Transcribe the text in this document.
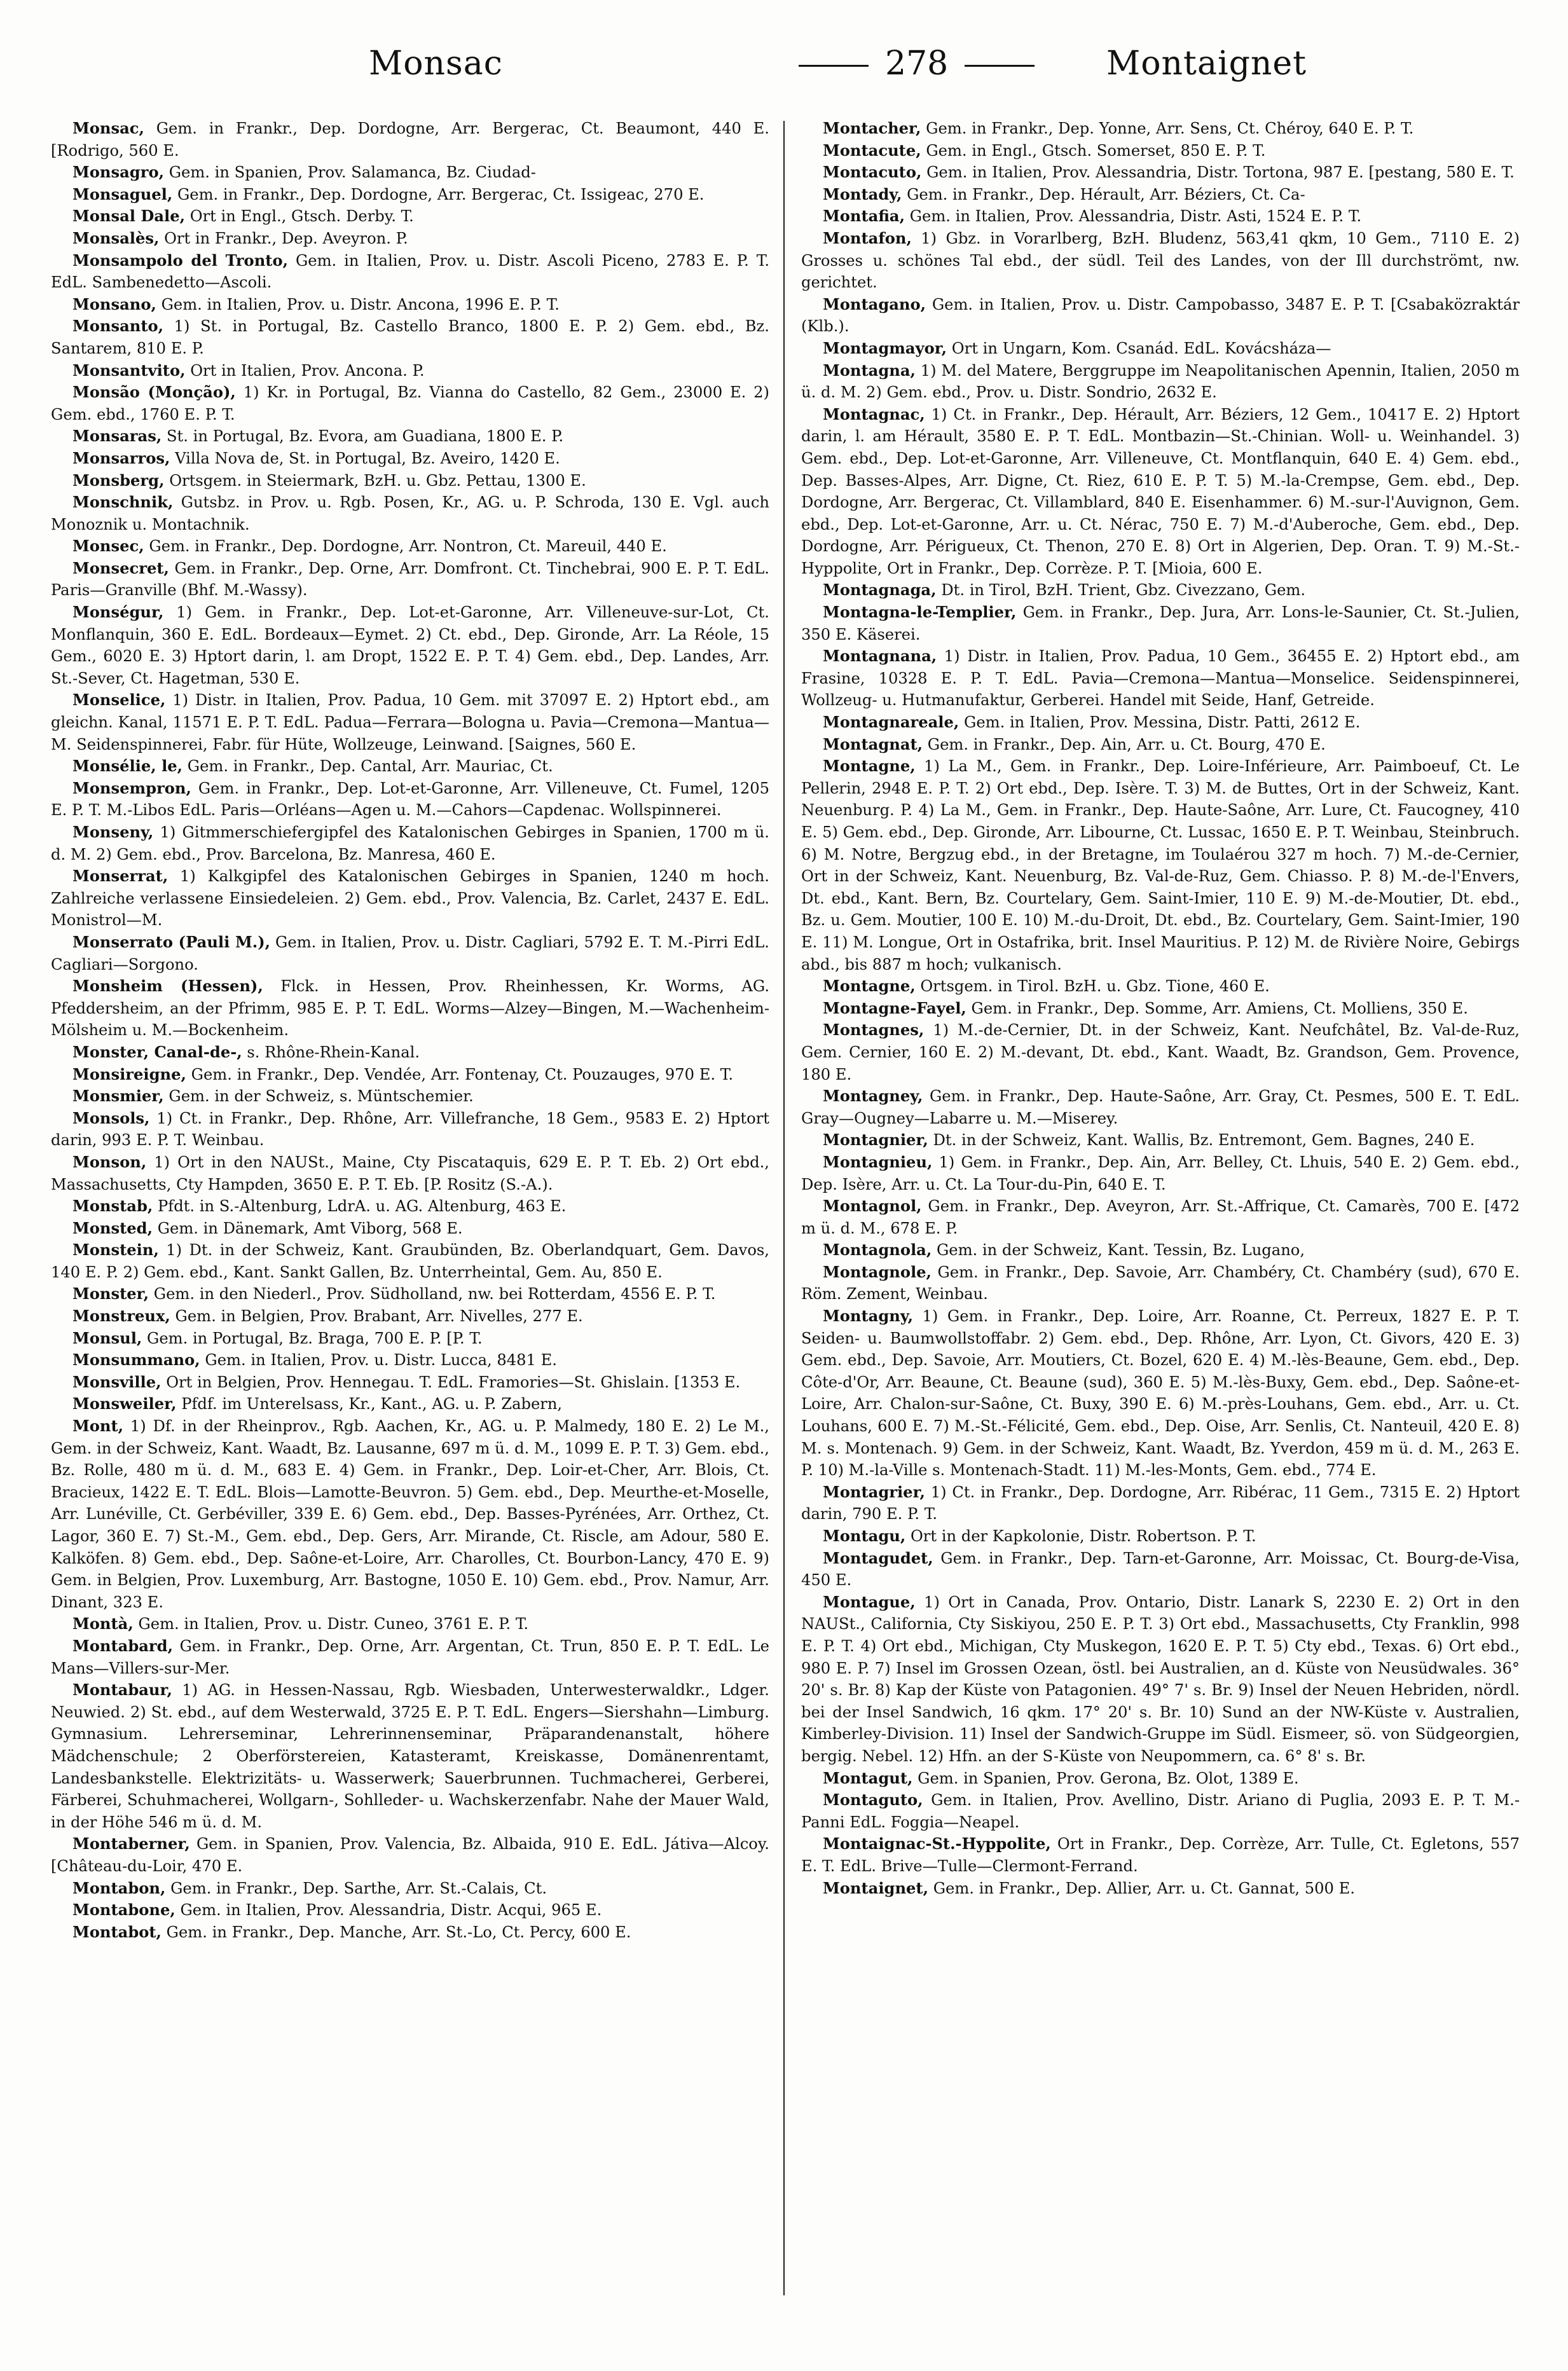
Monsac	278	Montaignet

Monsac, Gem. in Frankr., Dep. Dordogne, Arr. Bergerac, Ct. Beaumont, 440 E. [Rodrigo, 560 E.

Monsagro, Gem. in Spanien, Prov. Salamanca, Bz. Ciudad-

Monsaguel, Gem. in Frankr., Dep. Dordogne, Arr. Bergerac, Ct. Issigeac, 270 E.

Monsal Dale, Ort in Engl., Gtsch. Derby. T.

Monsalès, Ort in Frankr., Dep. Aveyron. P.

Monsampolo del Tronto, Gem. in Italien, Prov. u. Distr. Ascoli Piceno, 2783 E. P. T. EdL. Sambenedetto—Ascoli.

Monsano, Gem. in Italien, Prov. u. Distr. Ancona, 1996 E. P. T.

Monsanto, 1) St. in Portugal, Bz. Castello Branco, 1800 E. P. 2) Gem. ebd., Bz. Santarem, 810 E. P.

Monsantvito, Ort in Italien, Prov. Ancona. P.

Monsão (Monção), 1) Kr. in Portugal, Bz. Vianna do Castello, 82 Gem., 23000 E. 2) Gem. ebd., 1760 E. P. T.

Monsaras, St. in Portugal, Bz. Evora, am Guadiana, 1800 E. P.

Monsarros, Villa Nova de, St. in Portugal, Bz. Aveiro, 1420 E.

Monsberg, Ortsgem. in Steiermark, BzH. u. Gbz. Pettau, 1300 E.

Monschnik, Gutsbz. in Prov. u. Rgb. Posen, Kr., AG. u. P. Schroda, 130 E. Vgl. auch Monoznik u. Montachnik.

Monsec, Gem. in Frankr., Dep. Dordogne, Arr. Nontron, Ct. Mareuil, 440 E.

Monsecret, Gem. in Frankr., Dep. Orne, Arr. Domfront. Ct. Tinchebrai, 900 E. P. T. EdL. Paris—Granville (Bhf. M.-Wassy).

Monségur, 1) Gem. in Frankr., Dep. Lot-et-Garonne, Arr. Villeneuve-sur-Lot, Ct. Monflanquin, 360 E. EdL. Bordeaux—Eymet. 2) Ct. ebd., Dep. Gironde, Arr. La Réole, 15 Gem., 6020 E. 3) Hptort darin, l. am Dropt, 1522 E. P. T. 4) Gem. ebd., Dep. Landes, Arr. St.-Sever, Ct. Hagetman, 530 E.

Monselice, 1) Distr. in Italien, Prov. Padua, 10 Gem. mit 37097 E. 2) Hptort ebd., am gleichn. Kanal, 11571 E. P. T. EdL. Padua—Ferrara—Bologna u. Pavia—Cremona—Mantua—M. Seidenspinnerei, Fabr. für Hüte, Wollzeuge, Leinwand. [Saignes, 560 E.

Monsélie, le, Gem. in Frankr., Dep. Cantal, Arr. Mauriac, Ct.

Monsempron, Gem. in Frankr., Dep. Lot-et-Garonne, Arr. Villeneuve, Ct. Fumel, 1205 E. P. T. M.-Libos EdL. Paris—Orléans—Agen u. M.—Cahors—Capdenac. Wollspinnerei.

Monseny, 1) Gitmmerschiefergipfel des Katalonischen Gebirges in Spanien, 1700 m ü. d. M. 2) Gem. ebd., Prov. Barcelona, Bz. Manresa, 460 E.

Monserrat, 1) Kalkgipfel des Katalonischen Gebirges in Spanien, 1240 m hoch. Zahlreiche verlassene Einsiedeleien. 2) Gem. ebd., Prov. Valencia, Bz. Carlet, 2437 E. EdL. Monistrol—M.

Monserrato (Pauli M.), Gem. in Italien, Prov. u. Distr. Cagliari, 5792 E. T. M.-Pirri EdL. Cagliari—Sorgono.

Monsheim (Hessen), Flck. in Hessen, Prov. Rheinhessen, Kr. Worms, AG. Pfeddersheim, an der Pfrimm, 985 E. P. T. EdL. Worms—Alzey—Bingen, M.—Wachenheim-Mölsheim u. M.—Bockenheim.

Monster, Canal-de-, s. Rhône-Rhein-Kanal.

Monsireigne, Gem. in Frankr., Dep. Vendée, Arr. Fontenay, Ct. Pouzauges, 970 E. T.

Monsmier, Gem. in der Schweiz, s. Müntschemier.

Monsols, 1) Ct. in Frankr., Dep. Rhône, Arr. Villefranche, 18 Gem., 9583 E. 2) Hptort darin, 993 E. P. T. Weinbau.

Monson, 1) Ort in den NAUSt., Maine, Cty Piscataquis, 629 E. P. T. Eb. 2) Ort ebd., Massachusetts, Cty Hampden, 3650 E. P. T. Eb. [P. Rositz (S.-A.).

Monstab, Pfdt. in S.-Altenburg, LdrA. u. AG. Altenburg, 463 E.

Monsted, Gem. in Dänemark, Amt Viborg, 568 E.

Monstein, 1) Dt. in der Schweiz, Kant. Graubünden, Bz. Oberlandquart, Gem. Davos, 140 E. P. 2) Gem. ebd., Kant. Sankt Gallen, Bz. Unterrheintal, Gem. Au, 850 E.

Monster, Gem. in den Niederl., Prov. Südholland, nw. bei Rotterdam, 4556 E. P. T.

Monstreux, Gem. in Belgien, Prov. Brabant, Arr. Nivelles, 277 E.

Monsul, Gem. in Portugal, Bz. Braga, 700 E. P. [P. T.

Monsummano, Gem. in Italien, Prov. u. Distr. Lucca, 8481 E.

Monsville, Ort in Belgien, Prov. Hennegau. T. EdL. Framories—St. Ghislain. [1353 E.

Monsweiler, Pfdf. im Unterelsass, Kr., Kant., AG. u. P. Zabern,

Mont, 1) Df. in der Rheinprov., Rgb. Aachen, Kr., AG. u. P. Malmedy, 180 E. 2) Le M., Gem. in der Schweiz, Kant. Waadt, Bz. Lausanne, 697 m ü. d. M., 1099 E. P. T. 3) Gem. ebd., Bz. Rolle, 480 m ü. d. M., 683 E. 4) Gem. in Frankr., Dep. Loir-et-Cher, Arr. Blois, Ct. Bracieux, 1422 E. T. EdL. Blois—Lamotte-Beuvron. 5) Gem. ebd., Dep. Meurthe-et-Moselle, Arr. Lunéville, Ct. Gerbéviller, 339 E. 6) Gem. ebd., Dep. Basses-Pyrénées, Arr. Orthez, Ct. Lagor, 360 E. 7) St.-M., Gem. ebd., Dep. Gers, Arr. Mirande, Ct. Riscle, am Adour, 580 E. Kalköfen. 8) Gem. ebd., Dep. Saône-et-Loire, Arr. Charolles, Ct. Bourbon-Lancy, 470 E. 9) Gem. in Belgien, Prov. Luxemburg, Arr. Bastogne, 1050 E. 10) Gem. ebd., Prov. Namur, Arr. Dinant, 323 E.

Montà, Gem. in Italien, Prov. u. Distr. Cuneo, 3761 E. P. T.

Montabard, Gem. in Frankr., Dep. Orne, Arr. Argentan, Ct. Trun, 850 E. P. T. EdL. Le Mans—Villers-sur-Mer.

Montabaur, 1) AG. in Hessen-Nassau, Rgb. Wiesbaden, Unterwesterwaldkr., Ldger. Neuwied. 2) St. ebd., auf dem Westerwald, 3725 E. P. T. EdL. Engers—Siershahn—Limburg. Gymnasium. Lehrerseminar, Lehrerinnenseminar, Präparandenanstalt, höhere Mädchenschule; 2 Oberförstereien, Katasteramt, Kreiskasse, Domänenrentamt, Landesbankstelle. Elektrizitäts- u. Wasserwerk; Sauerbrunnen. Tuchmacherei, Gerberei, Färberei, Schuhmacherei, Wollgarn-, Sohlleder- u. Wachskerzenfabr. Nahe der Mauer Wald, in der Höhe 546 m ü. d. M.

Montaberner, Gem. in Spanien, Prov. Valencia, Bz. Albaida, 910 E. EdL. Játiva—Alcoy. [Château-du-Loir, 470 E.

Montabon, Gem. in Frankr., Dep. Sarthe, Arr. St.-Calais, Ct.

Montabone, Gem. in Italien, Prov. Alessandria, Distr. Acqui, 965 E.

Montabot, Gem. in Frankr., Dep. Manche, Arr. St.-Lo, Ct. Percy, 600 E.

Montacher, Gem. in Frankr., Dep. Yonne, Arr. Sens, Ct. Chéroy, 640 E. P. T.

Montacute, Gem. in Engl., Gtsch. Somerset, 850 E. P. T.

Montacuto, Gem. in Italien, Prov. Alessandria, Distr. Tortona, 987 E. [pestang, 580 E. T.

Montady, Gem. in Frankr., Dep. Hérault, Arr. Béziers, Ct. Ca-

Montafia, Gem. in Italien, Prov. Alessandria, Distr. Asti, 1524 E. P. T.

Montafon, 1) Gbz. in Vorarlberg, BzH. Bludenz, 563,41 qkm, 10 Gem., 7110 E. 2) Grosses u. schönes Tal ebd., der südl. Teil des Landes, von der Ill durchströmt, nw. gerichtet.

Montagano, Gem. in Italien, Prov. u. Distr. Campobasso, 3487 E. P. T. [Csabaközraktár (Klb.).

Montagmayor, Ort in Ungarn, Kom. Csanád. EdL. Kovácsháza—

Montagna, 1) M. del Matere, Berggruppe im Neapolitanischen Apennin, Italien, 2050 m ü. d. M. 2) Gem. ebd., Prov. u. Distr. Sondrio, 2632 E.

Montagnac, 1) Ct. in Frankr., Dep. Hérault, Arr. Béziers, 12 Gem., 10417 E. 2) Hptort darin, l. am Hérault, 3580 E. P. T. EdL. Montbazin—St.-Chinian. Woll- u. Weinhandel. 3) Gem. ebd., Dep. Lot-et-Garonne, Arr. Villeneuve, Ct. Montflanquin, 640 E. 4) Gem. ebd., Dep. Basses-Alpes, Arr. Digne, Ct. Riez, 610 E. P. T. 5) M.-la-Crempse, Gem. ebd., Dep. Dordogne, Arr. Bergerac, Ct. Villamblard, 840 E. Eisenhammer. 6) M.-sur-l'Auvignon, Gem. ebd., Dep. Lot-et-Garonne, Arr. u. Ct. Nérac, 750 E. 7) M.-d'Auberoche, Gem. ebd., Dep. Dordogne, Arr. Périgueux, Ct. Thenon, 270 E. 8) Ort in Algerien, Dep. Oran. T. 9) M.-St.-Hyppolite, Ort in Frankr., Dep. Corrèze. P. T. [Mioia, 600 E.

Montagnaga, Dt. in Tirol, BzH. Trient, Gbz. Civezzano, Gem.

Montagna-le-Templier, Gem. in Frankr., Dep. Jura, Arr. Lons-le-Saunier, Ct. St.-Julien, 350 E. Käserei.

Montagnana, 1) Distr. in Italien, Prov. Padua, 10 Gem., 36455 E. 2) Hptort ebd., am Frasine, 10328 E. P. T. EdL. Pavia—Cremona—Mantua—Monselice. Seidenspinnerei, Wollzeug- u. Hutmanufaktur, Gerberei. Handel mit Seide, Hanf, Getreide.

Montagnareale, Gem. in Italien, Prov. Messina, Distr. Patti, 2612 E.

Montagnat, Gem. in Frankr., Dep. Ain, Arr. u. Ct. Bourg, 470 E.

Montagne, 1) La M., Gem. in Frankr., Dep. Loire-Inférieure, Arr. Paimboeuf, Ct. Le Pellerin, 2948 E. P. T. 2) Ort ebd., Dep. Isère. T. 3) M. de Buttes, Ort in der Schweiz, Kant. Neuenburg. P. 4) La M., Gem. in Frankr., Dep. Haute-Saône, Arr. Lure, Ct. Faucogney, 410 E. 5) Gem. ebd., Dep. Gironde, Arr. Libourne, Ct. Lussac, 1650 E. P. T. Weinbau, Steinbruch. 6) M. Notre, Bergzug ebd., in der Bretagne, im Toulaérou 327 m hoch. 7) M.-de-Cernier, Ort in der Schweiz, Kant. Neuenburg, Bz. Val-de-Ruz, Gem. Chiasso. P. 8) M.-de-l'Envers, Dt. ebd., Kant. Bern, Bz. Courtelary, Gem. Saint-Imier, 110 E. 9) M.-de-Moutier, Dt. ebd., Bz. u. Gem. Moutier, 100 E. 10) M.-du-Droit, Dt. ebd., Bz. Courtelary, Gem. Saint-Imier, 190 E. 11) M. Longue, Ort in Ostafrika, brit. Insel Mauritius. P. 12) M. de Rivière Noire, Gebirgs abd., bis 887 m hoch; vulkanisch.

Montagne, Ortsgem. in Tirol. BzH. u. Gbz. Tione, 460 E.

Montagne-Fayel, Gem. in Frankr., Dep. Somme, Arr. Amiens, Ct. Molliens, 350 E.

Montagnes, 1) M.-de-Cernier, Dt. in der Schweiz, Kant. Neufchâtel, Bz. Val-de-Ruz, Gem. Cernier, 160 E. 2) M.-devant, Dt. ebd., Kant. Waadt, Bz. Grandson, Gem. Provence, 180 E.

Montagney, Gem. in Frankr., Dep. Haute-Saône, Arr. Gray, Ct. Pesmes, 500 E. T. EdL. Gray—Ougney—Labarre u. M.—Miserey.

Montagnier, Dt. in der Schweiz, Kant. Wallis, Bz. Entremont, Gem. Bagnes, 240 E.

Montagnieu, 1) Gem. in Frankr., Dep. Ain, Arr. Belley, Ct. Lhuis, 540 E. 2) Gem. ebd., Dep. Isère, Arr. u. Ct. La Tour-du-Pin, 640 E. T.

Montagnol, Gem. in Frankr., Dep. Aveyron, Arr. St.-Affrique, Ct. Camarès, 700 E. [472 m ü. d. M., 678 E. P.

Montagnola, Gem. in der Schweiz, Kant. Tessin, Bz. Lugano,

Montagnole, Gem. in Frankr., Dep. Savoie, Arr. Chambéry, Ct. Chambéry (sud), 670 E. Röm. Zement, Weinbau.

Montagny, 1) Gem. in Frankr., Dep. Loire, Arr. Roanne, Ct. Perreux, 1827 E. P. T. Seiden- u. Baumwollstoffabr. 2) Gem. ebd., Dep. Rhône, Arr. Lyon, Ct. Givors, 420 E. 3) Gem. ebd., Dep. Savoie, Arr. Moutiers, Ct. Bozel, 620 E. 4) M.-lès-Beaune, Gem. ebd., Dep. Côte-d'Or, Arr. Beaune, Ct. Beaune (sud), 360 E. 5) M.-lès-Buxy, Gem. ebd., Dep. Saône-et-Loire, Arr. Chalon-sur-Saône, Ct. Buxy, 390 E. 6) M.-près-Louhans, Gem. ebd., Arr. u. Ct. Louhans, 600 E. 7) M.-St.-Félicité, Gem. ebd., Dep. Oise, Arr. Senlis, Ct. Nanteuil, 420 E. 8) M. s. Montenach. 9) Gem. in der Schweiz, Kant. Waadt, Bz. Yverdon, 459 m ü. d. M., 263 E. P. 10) M.-la-Ville s. Montenach-Stadt. 11) M.-les-Monts, Gem. ebd., 774 E.

Montagrier, 1) Ct. in Frankr., Dep. Dordogne, Arr. Ribérac, 11 Gem., 7315 E. 2) Hptort darin, 790 E. P. T.

Montagu, Ort in der Kapkolonie, Distr. Robertson. P. T.

Montagudet, Gem. in Frankr., Dep. Tarn-et-Garonne, Arr. Moissac, Ct. Bourg-de-Visa, 450 E.

Montague, 1) Ort in Canada, Prov. Ontario, Distr. Lanark S, 2230 E. 2) Ort in den NAUSt., California, Cty Siskiyou, 250 E. P. T. 3) Ort ebd., Massachusetts, Cty Franklin, 998 E. P. T. 4) Ort ebd., Michigan, Cty Muskegon, 1620 E. P. T. 5) Cty ebd., Texas. 6) Ort ebd., 980 E. P. 7) Insel im Grossen Ozean, östl. bei Australien, an d. Küste von Neusüdwales. 36° 20' s. Br. 8) Kap der Küste von Patagonien. 49° 7' s. Br. 9) Insel der Neuen Hebriden, nördl. bei der Insel Sandwich, 16 qkm. 17° 20' s. Br. 10) Sund an der NW-Küste v. Australien, Kimberley-Division. 11) Insel der Sandwich-Gruppe im Südl. Eismeer, sö. von Südgeorgien, bergig. Nebel. 12) Hfn. an der S-Küste von Neupommern, ca. 6° 8' s. Br.

Montagut, Gem. in Spanien, Prov. Gerona, Bz. Olot, 1389 E.

Montaguto, Gem. in Italien, Prov. Avellino, Distr. Ariano di Puglia, 2093 E. P. T. M.-Panni EdL. Foggia—Neapel.

Montaignac-St.-Hyppolite, Ort in Frankr., Dep. Corrèze, Arr. Tulle, Ct. Egletons, 557 E. T. EdL. Brive—Tulle—Clermont-Ferrand.

Montaignet, Gem. in Frankr., Dep. Allier, Arr. u. Ct. Gannat, 500 E.
